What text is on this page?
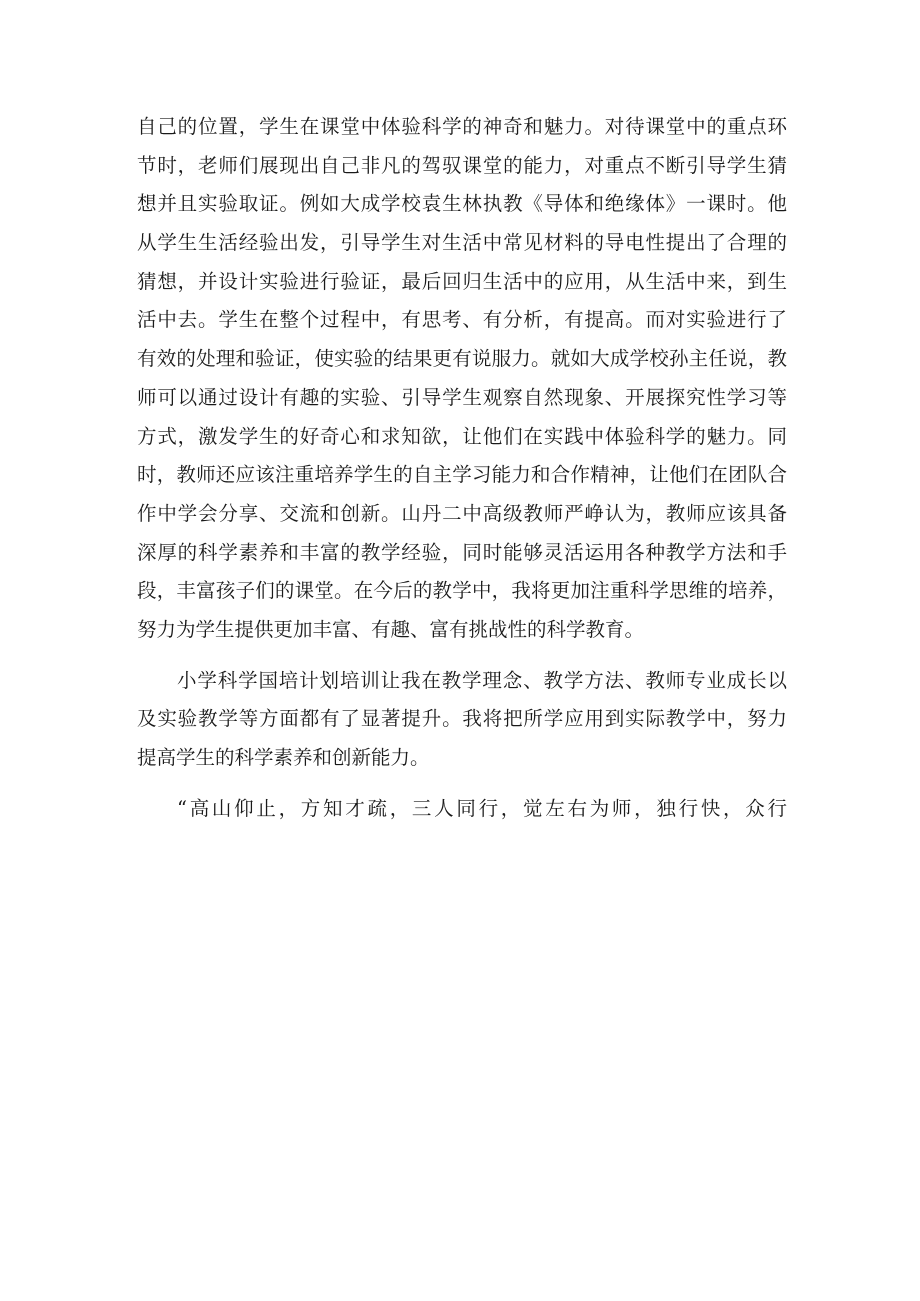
自己的位置，学生在课堂中体验科学的神奇和魅力。对待课堂中的重点环
节时，老师们展现出自己非凡的驾驭课堂的能力，对重点不断引导学生猜
想并且实验取证。例如大成学校袁生林执教《导体和绝缘体》一课时。他
从学生生活经验出发，引导学生对生活中常见材料的导电性提出了合理的
猜想，并设计实验进行验证，最后回归生活中的应用，从生活中来，到生
活中去。学生在整个过程中，有思考、有分析，有提高。而对实验进行了
有效的处理和验证，使实验的结果更有说服力。就如大成学校孙主任说，教
师可以通过设计有趣的实验、引导学生观察自然现象、开展探究性学习等
方式，激发学生的好奇心和求知欲，让他们在实践中体验科学的魅力。同
时，教师还应该注重培养学生的自主学习能力和合作精神，让他们在团队合
作中学会分享、交流和创新。山丹二中高级教师严峥认为，教师应该具备
深厚的科学素养和丰富的教学经验，同时能够灵活运用各种教学方法和手
段，丰富孩子们的课堂。在今后的教学中，我将更加注重科学思维的培养，
努力为学生提供更加丰富、有趣、富有挑战性的科学教育。
小学科学国培计划培训让我在教学理念、教学方法、教师专业成长以
及实验教学等方面都有了显著提升。我将把所学应用到实际教学中，努力
提高学生的科学素养和创新能力。
“高山仰止，方知才疏，三人同行，觉左右为师，独行快，众行
